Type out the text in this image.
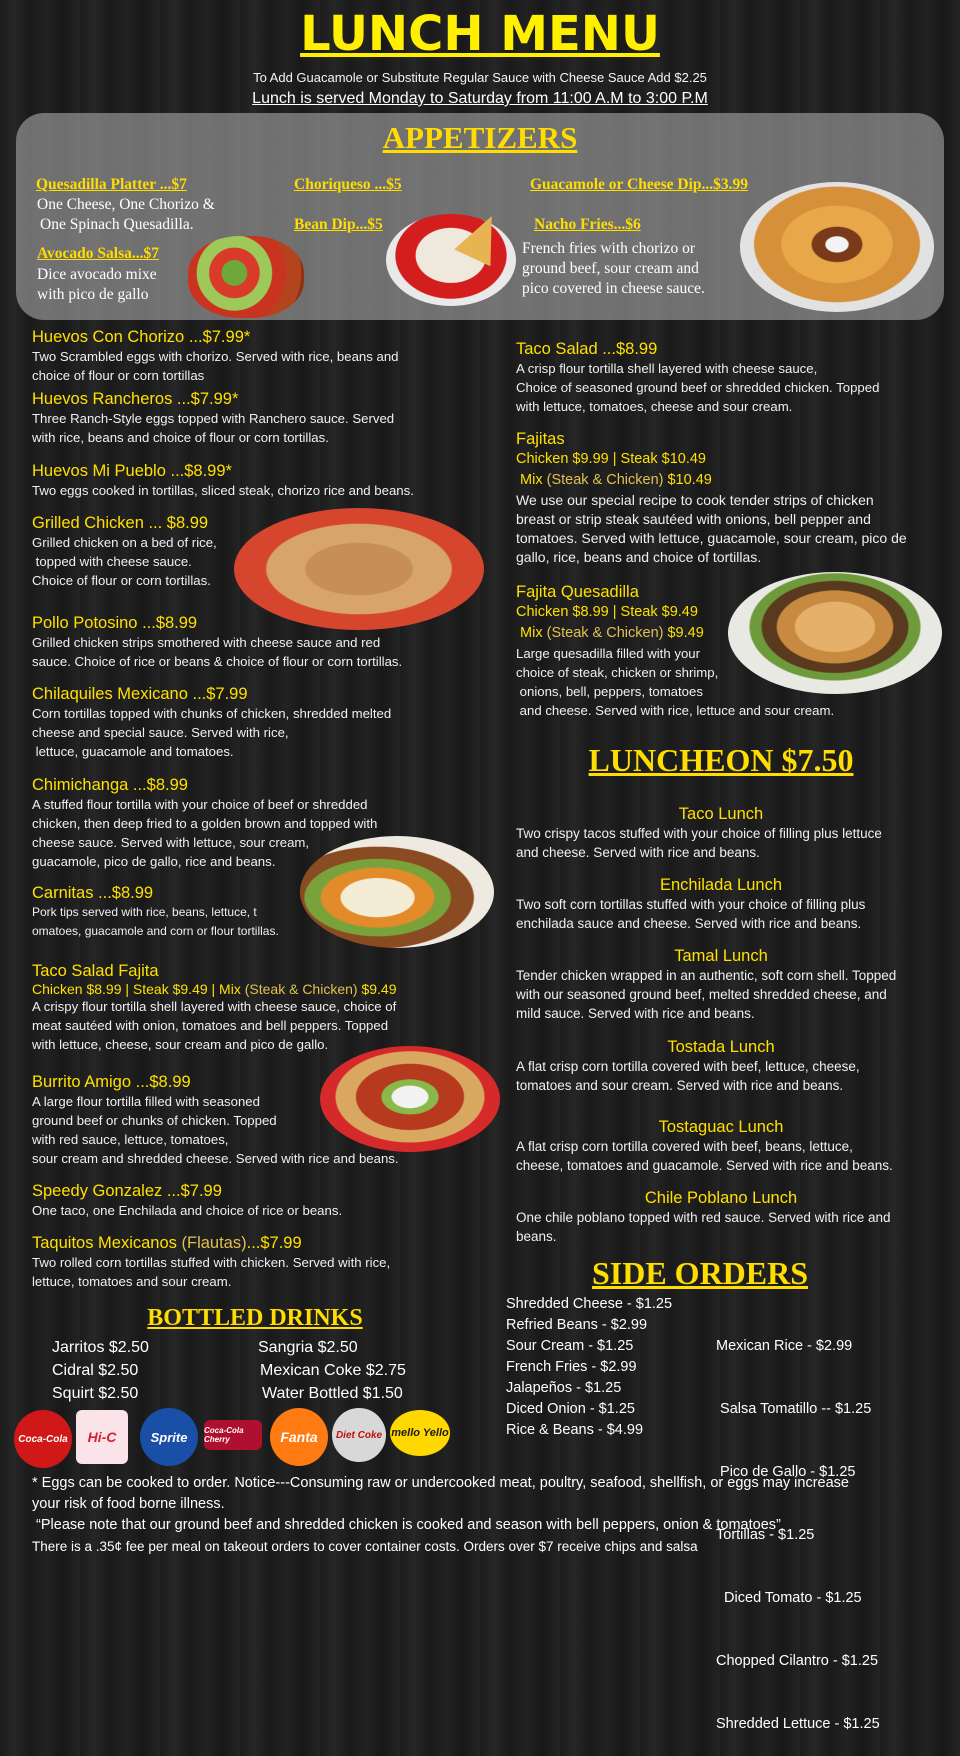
LUNCH MENU
To Add Guacamole or Substitute Regular Sauce with Cheese Sauce Add $2.25
Lunch is served Monday to Saturday from 11:00 A.M to 3:00 P.M
APPETIZERS
Quesadilla Platter ...$7
One Cheese, One Chorizo &
One Spinach Quesadilla.
Choriqueso ...$5	Guacamole or Cheese Dip...$3.99
Bean Dip...$5	Nacho Fries...$6
French fries with chorizo or
ground beef, sour cream and
pico covered in cheese sauce.
Avocado Salsa...$7
Dice avocado mixe
with pico de gallo
Huevos Con Chorizo ...$7.99*
Two Scrambled eggs with chorizo. Served with rice, beans and
choice of flour or corn tortillas
Huevos Rancheros ...$7.99*
Three Ranch-Style eggs topped with Ranchero sauce. Served
with rice, beans and choice of flour or corn tortillas.
Huevos Mi Pueblo ...$8.99*
Two eggs cooked in tortillas, sliced steak, chorizo rice and beans.
Grilled Chicken ... $8.99
Grilled chicken on a bed of rice,
topped with cheese sauce.
Choice of flour or corn tortillas.
Pollo Potosino ...$8.99
Grilled chicken strips smothered with cheese sauce and red
sauce. Choice of rice or beans & choice of flour or corn tortillas.
Chilaquiles Mexicano ...$7.99
Corn tortillas topped with chunks of chicken, shredded melted
cheese and special sauce. Served with rice,
lettuce, guacamole and tomatoes.
Chimichanga ...$8.99
A stuffed flour tortilla with your choice of beef or shredded
chicken, then deep fried to a golden brown and topped with
cheese sauce. Served with lettuce, sour cream,
guacamole, pico de gallo, rice and beans.
Carnitas ...$8.99
Pork tips served with rice, beans, lettuce, t
omatoes, guacamole and corn or flour tortillas.
Taco Salad Fajita
Chicken $8.99 | Steak $9.49 | Mix (Steak & Chicken) $9.49
A crispy flour tortilla shell layered with cheese sauce, choice of
meat sautéed with onion, tomatoes and bell peppers. Topped
with lettuce, cheese, sour cream and pico de gallo.
Burrito Amigo ...$8.99
A large flour tortilla filled with seasoned
ground beef or chunks of chicken. Topped
with red sauce, lettuce, tomatoes,
sour cream and shredded cheese. Served with rice and beans.
Speedy Gonzalez ...$7.99
One taco, one Enchilada and choice of rice or beans.
Taquitos Mexicanos (Flautas)...$7.99
Two rolled corn tortillas stuffed with chicken. Served with rice,
lettuce, tomatoes and sour cream.
BOTTLED DRINKS
Jarritos $2.50
Cidral $2.50
Squirt $2.50
Sangria $2.50
Mexican Coke $2.75
Water Bottled $1.50
Coca-Cola	Hi-C	Sprite	Coca-Cola Cherry	Fanta	Diet Coke mello Yello
Taco Salad ...$8.99
A crisp flour tortilla shell layered with cheese sauce,
Choice of seasoned ground beef or shredded chicken. Topped
with lettuce, tomatoes, cheese and sour cream.
Fajitas
Chicken $9.99 | Steak $10.49
Mix (Steak & Chicken) $10.49
We use our special recipe to cook tender strips of chicken
breast or strip steak sautéed with onions, bell pepper and
tomatoes. Served with lettuce, guacamole, sour cream, pico de
gallo, rice, beans and choice of tortillas.
Fajita Quesadilla
Chicken $8.99 | Steak $9.49
Mix (Steak & Chicken) $9.49
Large quesadilla filled with your
choice of steak, chicken or shrimp,
onions, bell, peppers, tomatoes
and cheese. Served with rice, lettuce and sour cream.
LUNCHEON $7.50
Taco Lunch
Two crispy tacos stuffed with your choice of filling plus lettuce
and cheese. Served with rice and beans.
Enchilada Lunch
Two soft corn tortillas stuffed with your choice of filling plus
enchilada sauce and cheese. Served with rice and beans.
Tamal Lunch
Tender chicken wrapped in an authentic, soft corn shell. Topped
with our seasoned ground beef, melted shredded cheese, and
mild sauce. Served with rice and beans.
Tostada Lunch
A flat crisp corn tortilla covered with beef, lettuce, cheese,
tomatoes and sour cream. Served with rice and beans.
Tostaguac Lunch
A flat crisp corn tortilla covered with beef, beans, lettuce,
cheese, tomatoes and guacamole. Served with rice and beans.
Chile Poblano Lunch
One chile poblano topped with red sauce. Served with rice and
beans.
SIDE ORDERS
Shredded Cheese - $1.25
Refried Beans - $2.99
Sour Cream - $1.25
French Fries - $2.99
Jalapeños - $1.25
Diced Onion - $1.25
Rice & Beans - $4.99

Mexican Rice - $2.99

Salsa Tomatillo -- $1.25

Pico de Gallo - $1.25

Tortillas - $1.25

Diced Tomato - $1.25

Chopped Cilantro - $1.25

Shredded Lettuce - $1.25

* Eggs can be cooked to order. Notice---Consuming raw or undercooked meat, poultry, seafood, shellfish, or eggs may increase
your risk of food borne illness.
“Please note that our ground beef and shredded chicken is cooked and season with bell peppers, onion & tomatoes”
There is a .35¢ fee per meal on takeout orders to cover container costs. Orders over $7 receive chips and salsa
